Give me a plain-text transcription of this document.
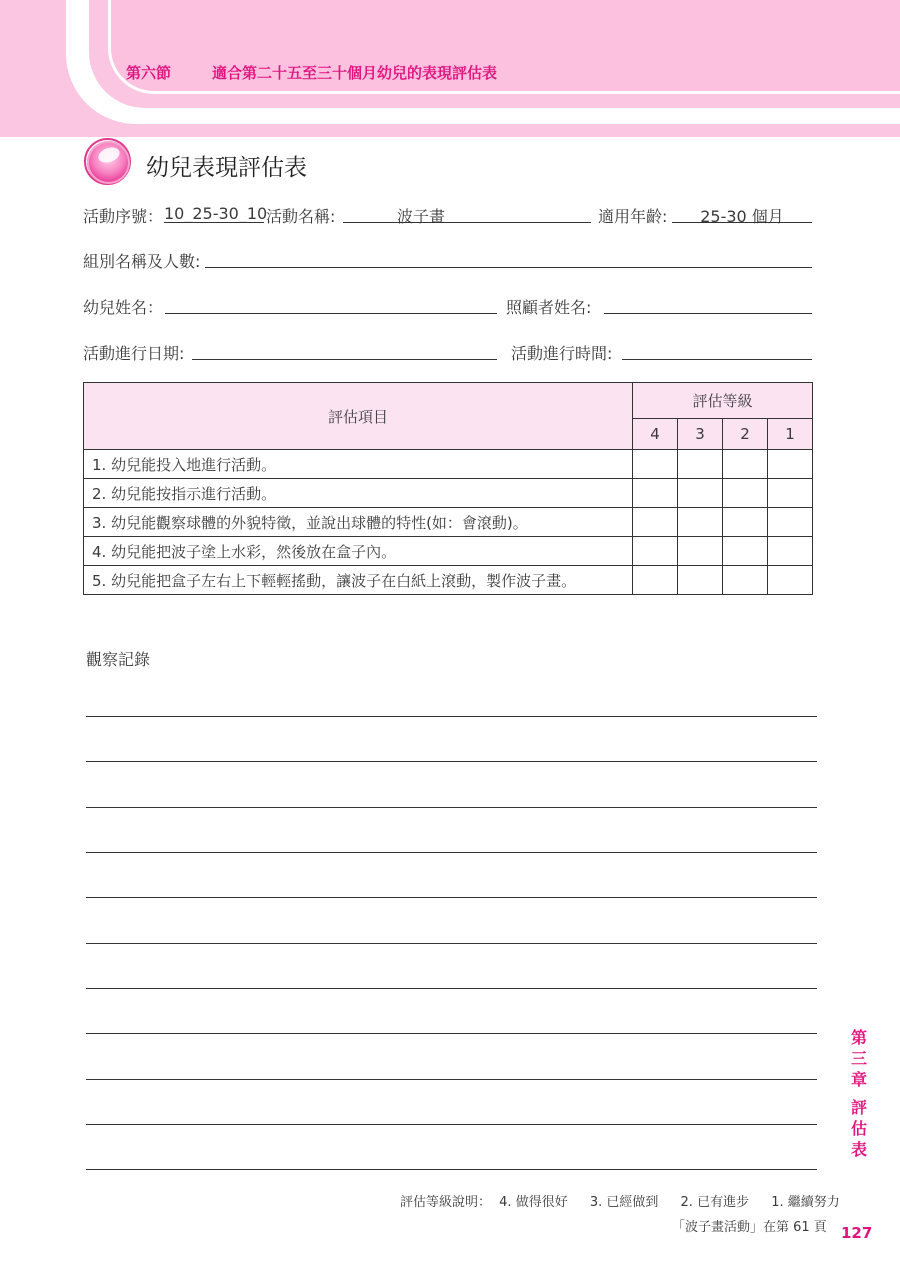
第六節	適合第二十五至三十個月幼兒的表現評估表
幼兒表現評估表
活動序號： 10_25-30_10
活動名稱:	波子畫	適用年齡:	25-30 個月
組別名稱及人數:
幼兒姓名：	照顧者姓名:
活動進行日期:	活動進行時間:
評估項目	評估等級			
	4	3	2	1
1. 幼兒能投入地進行活動。				
2. 幼兒能按指示進行活動。				
3. 幼兒能觀察球體的外貌特徵，並說出球體的特性(如：會滾動)。				
4. 幼兒能把波子塗上水彩，然後放在盒子內。				
5. 幼兒能把盒子左右上下輕輕搖動，讓波子在白紙上滾動，製作波子畫。				
觀察記錄
第
三
章
評
估
表
評估等級說明： 4. 做得很好 3. 已經做到 2. 已有進步 1. 繼續努力
「波子畫活動」在第 61 頁 127
